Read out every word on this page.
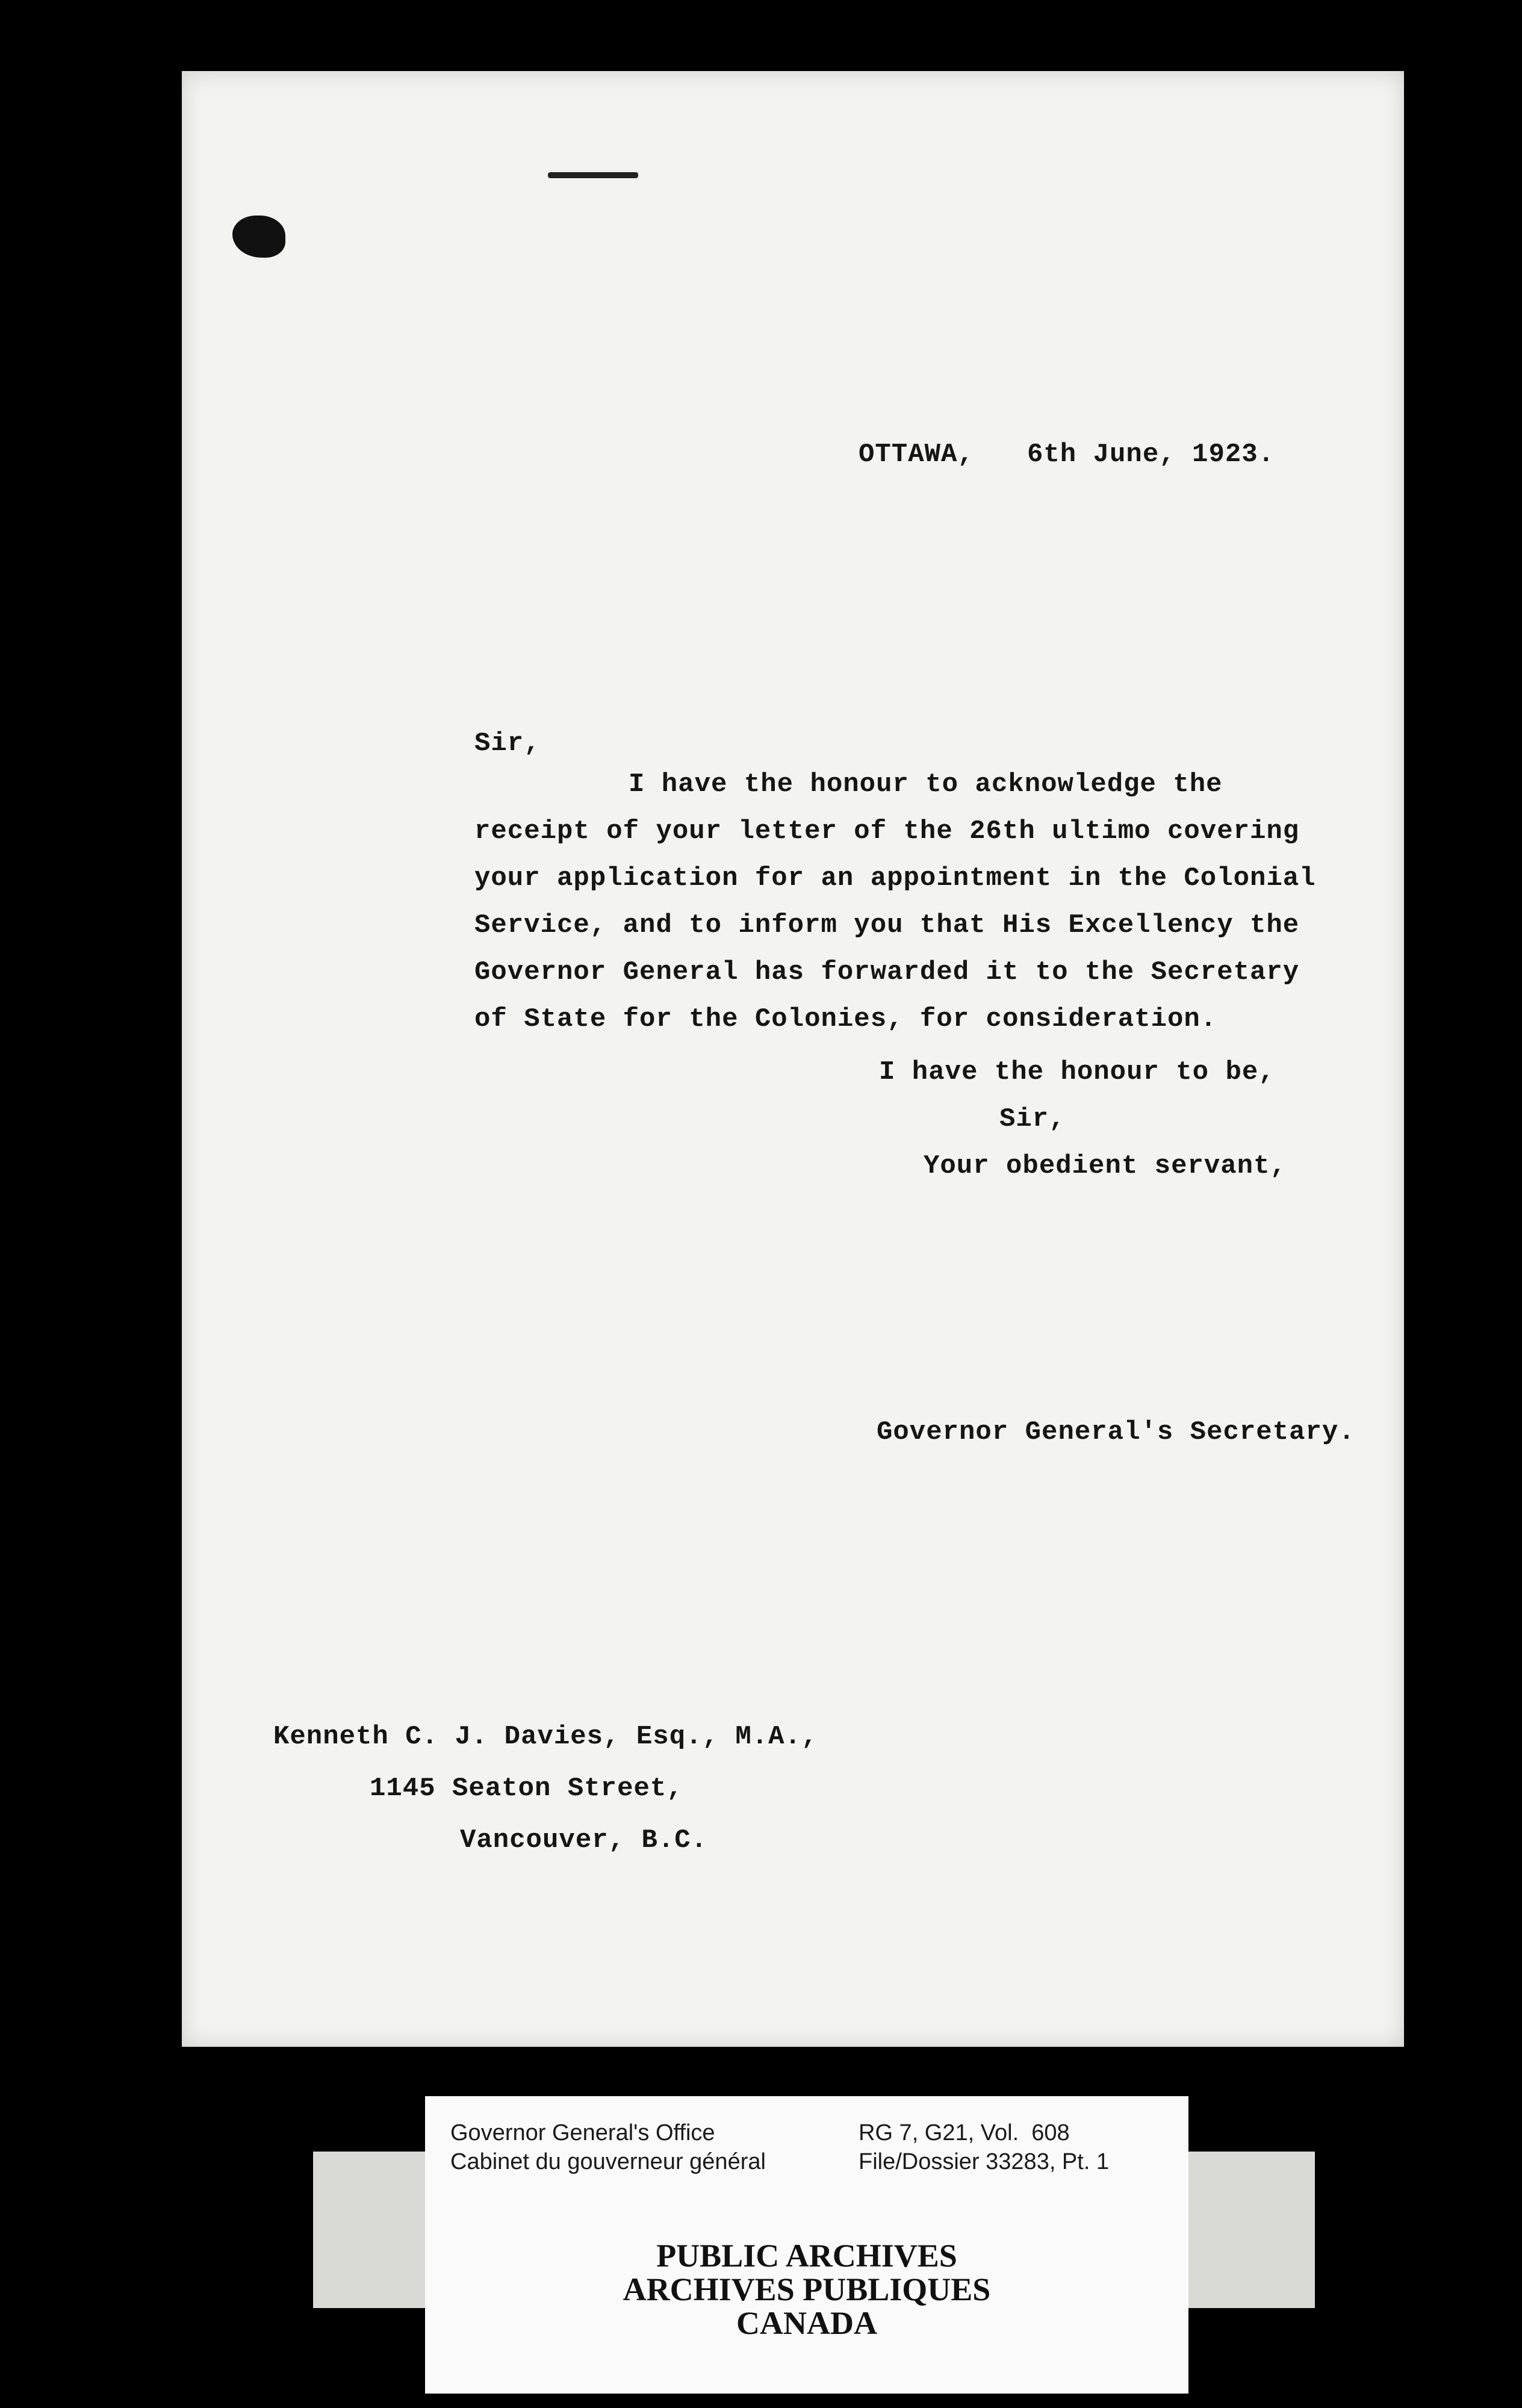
OTTAWA, 6th June, 1923.
Sir,
I have the honour to acknowledge the
receipt of your letter of the 26th ultimo covering
your application for an appointment in the Colonial
Service, and to inform you that His Excellency the
Governor General has forwarded it to the Secretary
of State for the Colonies, for consideration.
I have the honour to be,
Sir,
Your obedient servant,
Governor General's Secretary.
Kenneth C. J. Davies, Esq., M.A.,
1145 Seaton Street,
Vancouver, B.C.
Governor General's Office
Cabinet du gouverneur général
RG 7, G21, Vol.  608
File/Dossier 33283, Pt. 1
PUBLIC ARCHIVES
ARCHIVES PUBLIQUES
CANADA
